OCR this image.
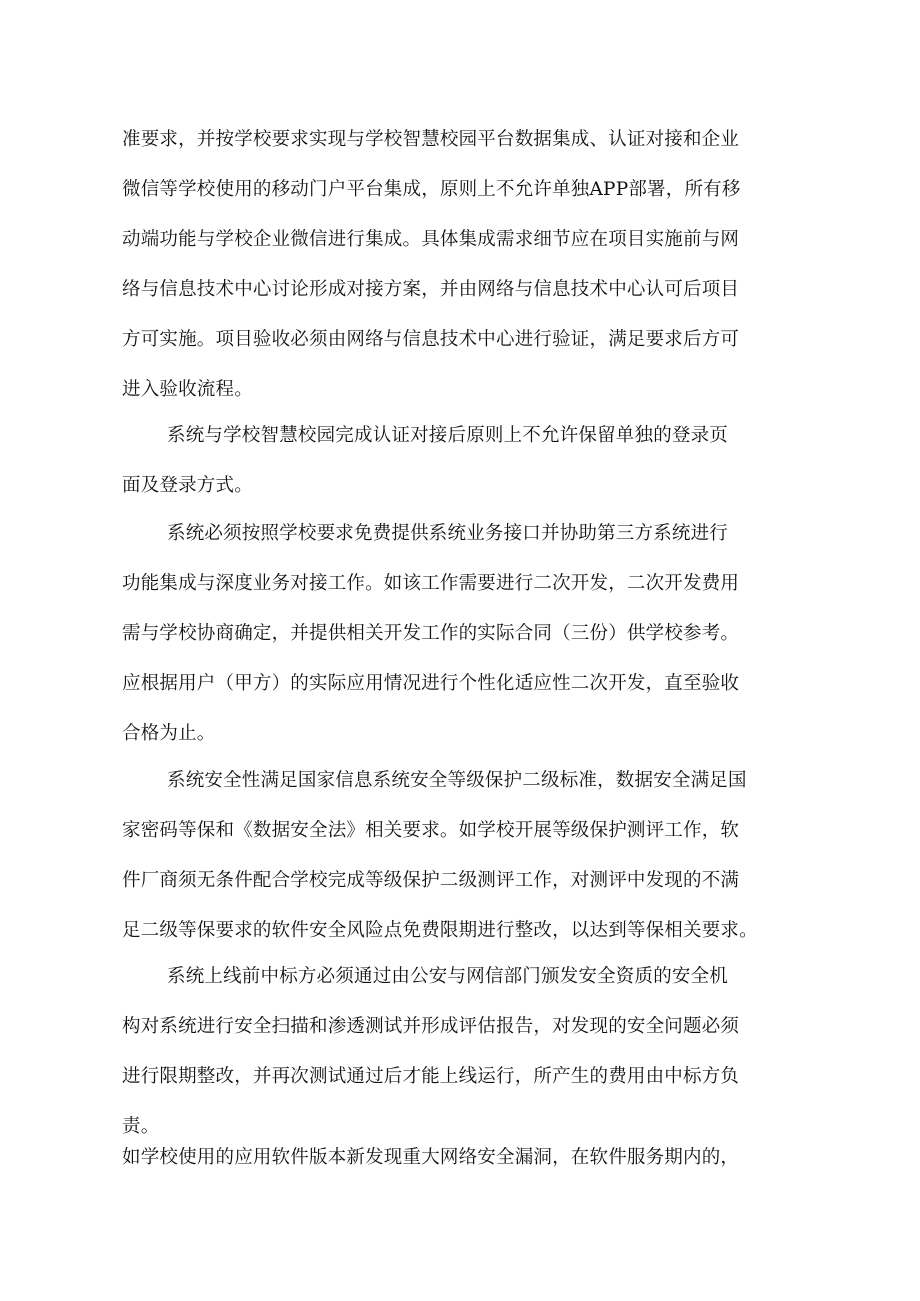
准要求，并按学校要求实现与学校智慧校园平台数据集成、认证对接和企业
微信等学校使用的移动门户平台集成，原则上不允许单独APP部署，所有移
动端功能与学校企业微信进行集成。具体集成需求细节应在项目实施前与网
络与信息技术中心讨论形成对接方案，并由网络与信息技术中心认可后项目
方可实施。项目验收必须由网络与信息技术中心进行验证，满足要求后方可
进入验收流程。
系统与学校智慧校园完成认证对接后原则上不允许保留单独的登录页
面及登录方式。
系统必须按照学校要求免费提供系统业务接口并协助第三方系统进行
功能集成与深度业务对接工作。如该工作需要进行二次开发，二次开发费用
需与学校协商确定，并提供相关开发工作的实际合同（三份）供学校参考。
应根据用户（甲方）的实际应用情况进行个性化适应性二次开发，直至验收
合格为止。
系统安全性满足国家信息系统安全等级保护二级标准，数据安全满足国
家密码等保和《数据安全法》相关要求。如学校开展等级保护测评工作，软
件厂商须无条件配合学校完成等级保护二级测评工作，对测评中发现的不满
足二级等保要求的软件安全风险点免费限期进行整改，以达到等保相关要求。
系统上线前中标方必须通过由公安与网信部门颁发安全资质的安全机
构对系统进行安全扫描和渗透测试并形成评估报告，对发现的安全问题必须
进行限期整改，并再次测试通过后才能上线运行，所产生的费用由中标方负
责。
如学校使用的应用软件版本新发现重大网络安全漏洞，在软件服务期内的，
